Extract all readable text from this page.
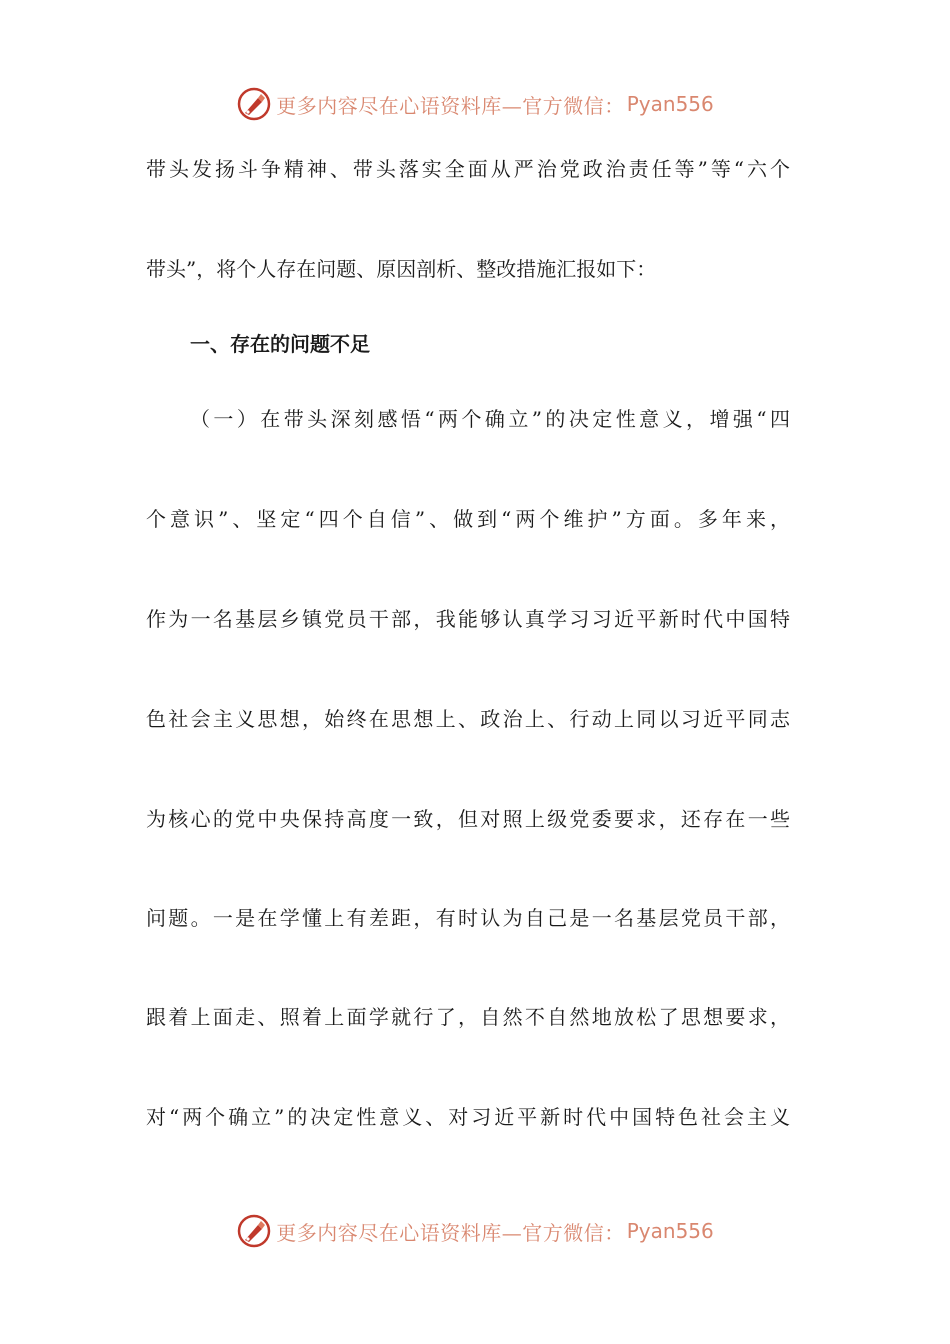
更多内容尽在心语资料库—官方微信： Pyan556
带头发扬斗争精神、带头落实全面从严治党政治责任等”等“六个
带头”，将个人存在问题、原因剖析、整改措施汇报如下：
一、存在的问题不足
（一）在带头深刻感悟“两个确立”的决定性意义，增强“四
个意识”、坚定“四个自信”、做到“两个维护”方面。多年来，
作为一名基层乡镇党员干部，我能够认真学习习近平新时代中国特
色社会主义思想，始终在思想上、政治上、行动上同以习近平同志
为核心的党中央保持高度一致，但对照上级党委要求，还存在一些
问题。一是在学懂上有差距，有时认为自己是一名基层党员干部，
跟着上面走、照着上面学就行了，自然不自然地放松了思想要求，
对“两个确立”的决定性意义、对习近平新时代中国特色社会主义
更多内容尽在心语资料库—官方微信： Pyan556
